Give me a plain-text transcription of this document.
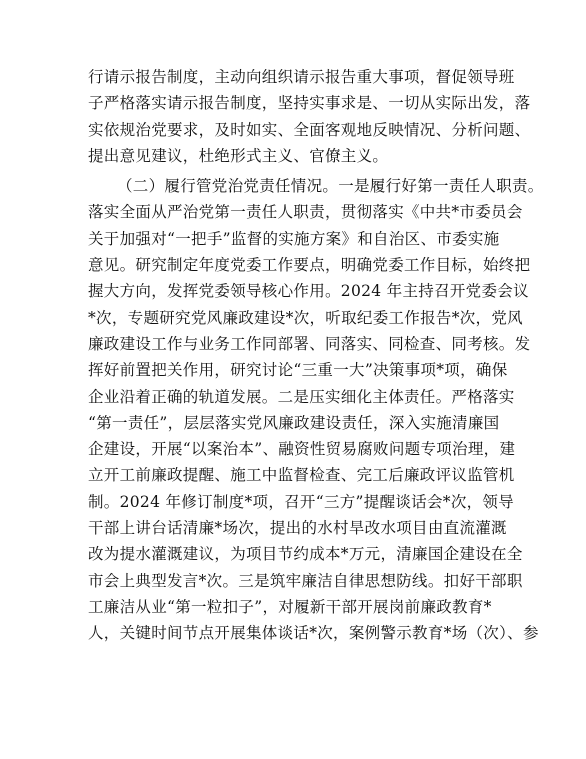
行请示报告制度，主动向组织请示报告重大事项，督促领导班
子严格落实请示报告制度，坚持实事求是、一切从实际出发，落
实依规治党要求，及时如实、全面客观地反映情况、分析问题、
提出意见建议，杜绝形式主义、官僚主义。
（二）履行管党治党责任情况。一是履行好第一责任人职责。
落实全面从严治党第一责任人职责，贯彻落实《中共*市委员会
关于加强对“一把手”监督的实施方案》和自治区、市委实施
意见。研究制定年度党委工作要点，明确党委工作目标，始终把
握大方向，发挥党委领导核心作用。2024 年主持召开党委会议
*次，专题研究党风廉政建设*次，听取纪委工作报告*次，党风
廉政建设工作与业务工作同部署、同落实、同检查、同考核。发
挥好前置把关作用，研究讨论“三重一大”决策事项*项，确保
企业沿着正确的轨道发展。二是压实细化主体责任。严格落实
“第一责任”，层层落实党风廉政建设责任，深入实施清廉国
企建设，开展“以案治本”、融资性贸易腐败问题专项治理，建
立开工前廉政提醒、施工中监督检查、完工后廉政评议监管机
制。2024 年修订制度*项，召开“三方”提醒谈话会*次，领导
干部上讲台话清廉*场次，提出的水村旱改水项目由直流灌溉
改为提水灌溉建议，为项目节约成本*万元，清廉国企建设在全
市会上典型发言*次。三是筑牢廉洁自律思想防线。扣好干部职
工廉洁从业“第一粒扣子”，对履新干部开展岗前廉政教育*
人，关键时间节点开展集体谈话*次，案例警示教育*场（次）、参
